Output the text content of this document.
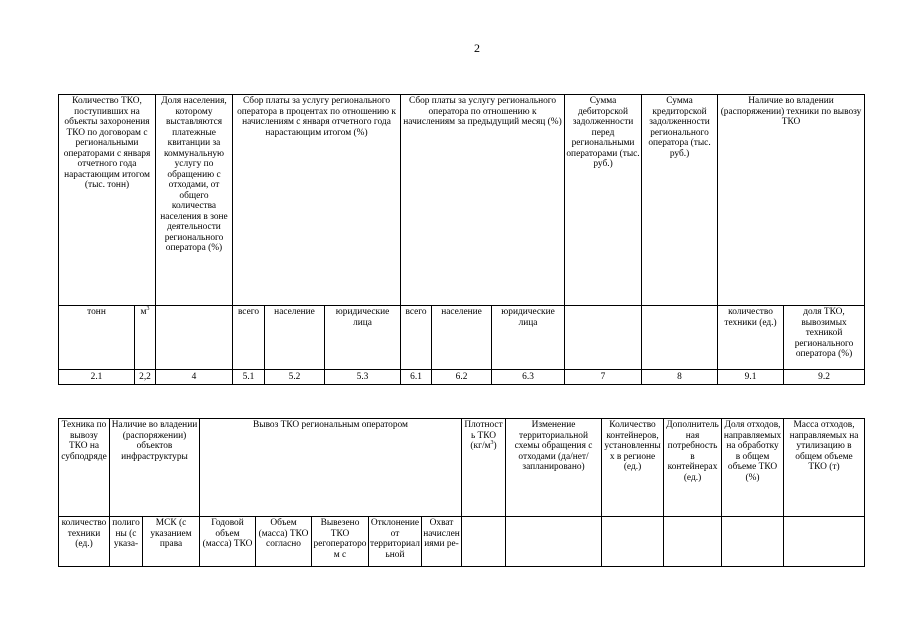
2
Количество ТКО, поступивших на объекты захоронения ТКО по договорам с региональными операторами с января отчетного года нарастающим итогом (тыс. тонн)		Доля населения, которому выставляются платежные квитанции за коммунальную услугу по обращению с отходами, от общего количества населения в зоне деятельности регионального оператора (%)	Сбор платы за услугу регионального оператора в процентах по отношению к начислениям с января отчетного года нарастающим итогом (%)			Сбор платы за услугу регионального оператора по отношению к начислениям за предыдущий месяц (%)			Сумма дебиторской задолженности перед региональными операторами (тыс. руб.)	Сумма кредиторской задолженности регионального оператора (тыс. руб.)	Наличие во владении (распоряжении) техники по вывозу ТКО	
тонн	$м^3$		всего	население	юридические лица	всего	население	юридические лица			количество техники (ед.)	доля ТКО, вывозимых техникой регионального оператора (%)
2.1	2,2	4	5.1	5.2	5.3	6.1	6.2	6.3	7	8	9.1	9.2
Техника по вывозу ТКО на субподряде	Наличие во владении (распоряжении) объектов инфраструктуры		Вывоз ТКО региональным оператором					Плотность ТКО $(кг/м^3)$	Изменение территориальной схемы обращения с отходами (да/нет/запланировано)	Количество контейнеров, установленных в регионе (ед.)	Дополнительная потребность в контейнерах (ед.)	Доля отходов, направляемых на обработку в общем объеме ТКО (%)	Масса отходов, направляемых на утилизацию в общем объеме ТКО (т)
количество техники (ед.)	полигоны (с указа-	МСК (с указанием права	Годовой объем (масса) ТКО	Объем (масса) ТКО согласно	Вывезено ТКО регоператором с	Отклонение от территориальной	Охват начислениями ре-						
